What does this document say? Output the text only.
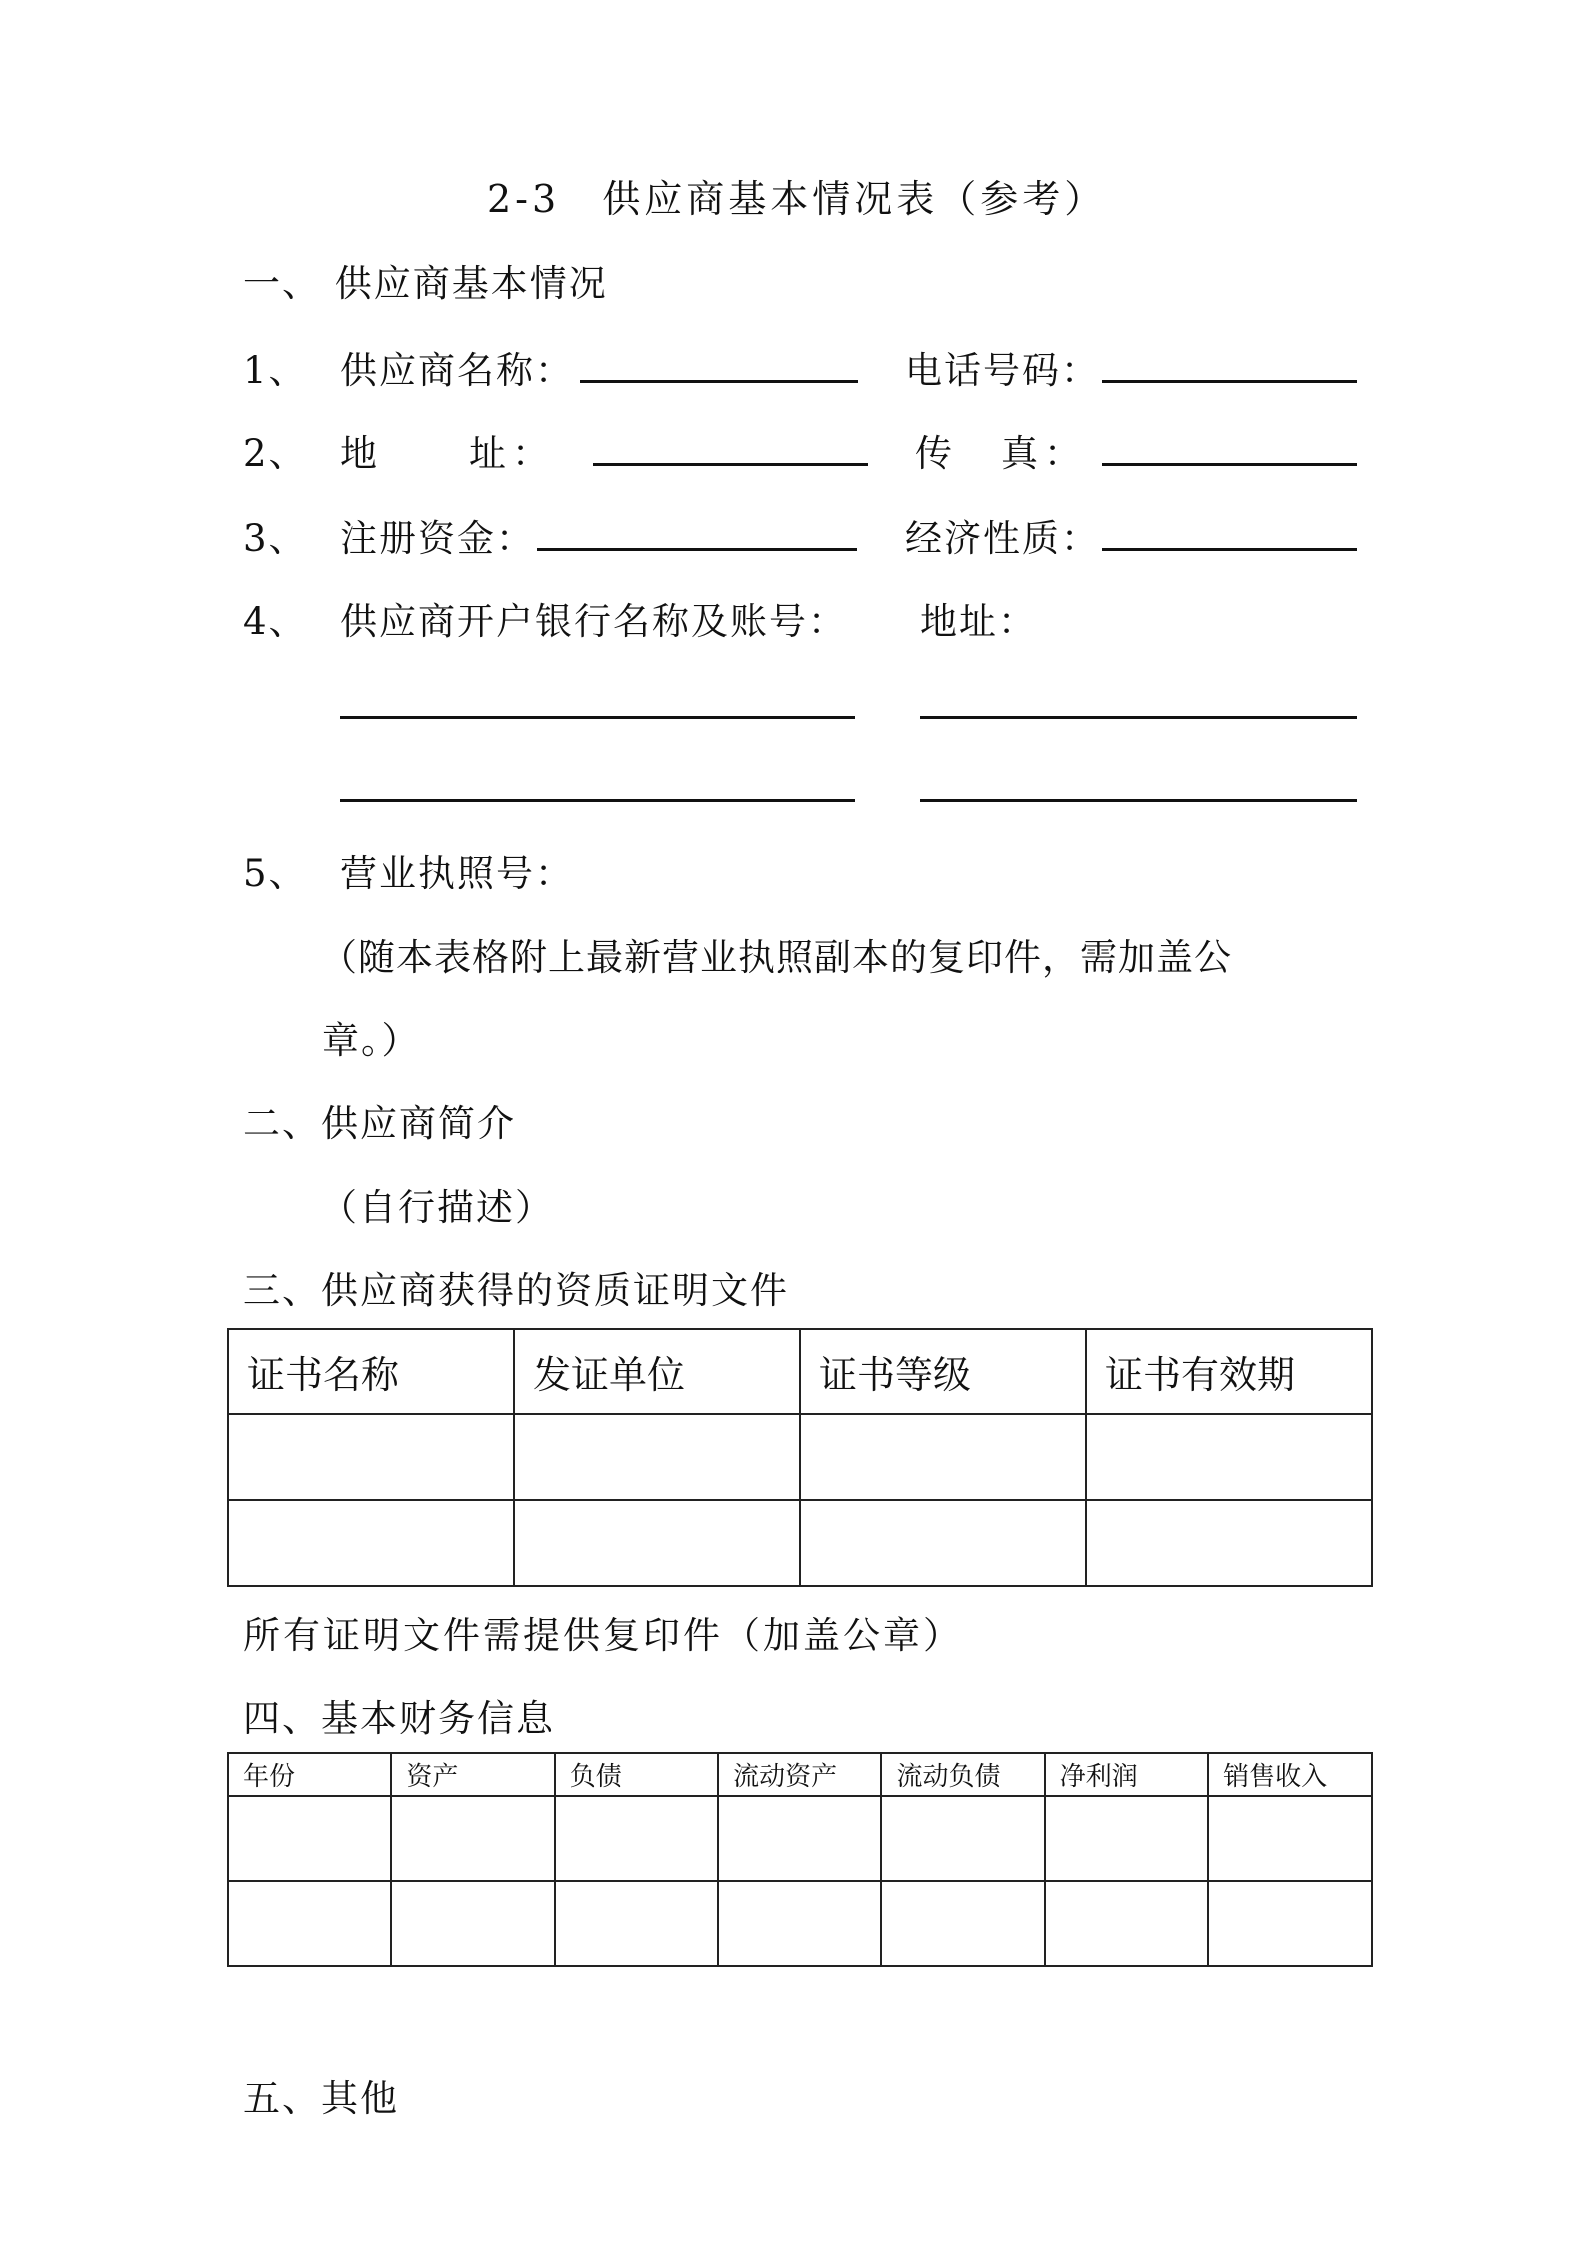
2-3　供应商基本情况表（参考）
一、 供应商基本情况
1、 供应商名称：	电话号码：
2、 地　　址：	传　真：
3、 注册资金：	经济性质：
4、 供应商开户银行名称及账号： 地址：
5、 营业执照号：
（随本表格附上最新营业执照副本的复印件，需加盖公
章。）
二、供应商简介
（自行描述）
三、供应商获得的资质证明文件
证书名称	发证单位	证书等级	证书有效期

所有证明文件需提供复印件（加盖公章）
四、基本财务信息
年份	资产	负债	流动资产	流动负债	净利润	销售收入

五、其他
